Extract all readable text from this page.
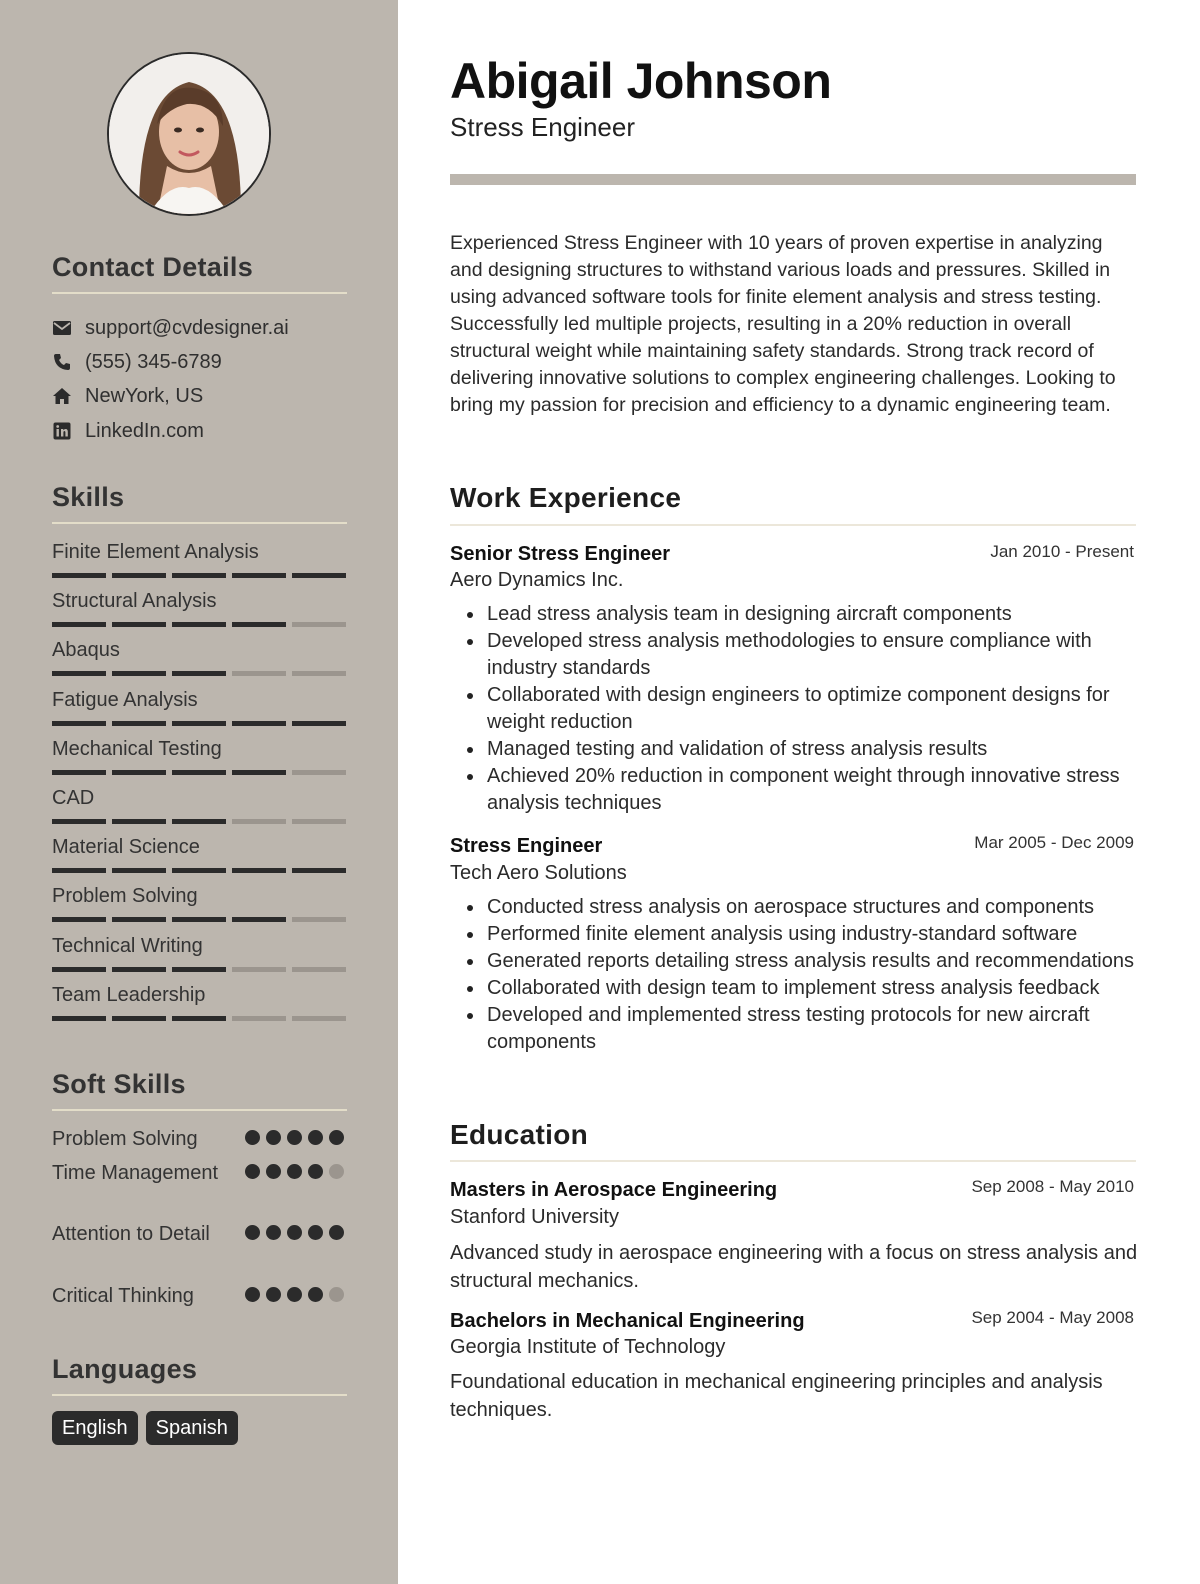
Contact Details
support@cvdesigner.ai
(555) 345-6789
NewYork, US
LinkedIn.com
Skills
Finite Element Analysis
Structural Analysis
Abaqus
Fatigue Analysis
Mechanical Testing
CAD
Material Science
Problem Solving
Technical Writing
Team Leadership
Soft Skills
Problem Solving
Time Management
Attention to Detail
Critical Thinking
Languages
English	Spanish
Abigail Johnson
Stress Engineer
Experienced Stress Engineer with 10 years of proven expertise in analyzing and designing structures to withstand various loads and pressures. Skilled in using advanced software tools for finite element analysis and stress testing. Successfully led multiple projects, resulting in a 20% reduction in overall structural weight while maintaining safety standards. Strong track record of delivering innovative solutions to complex engineering challenges. Looking to bring my passion for precision and efficiency to a dynamic engineering team.
Work Experience
Senior Stress Engineer	Jan 2010 - Present
Aero Dynamics Inc.
Lead stress analysis team in designing aircraft components
Developed stress analysis methodologies to ensure compliance with industry standards
Collaborated with design engineers to optimize component designs for weight reduction
Managed testing and validation of stress analysis results
Achieved 20% reduction in component weight through innovative stress analysis techniques
Stress Engineer	Mar 2005 - Dec 2009
Tech Aero Solutions
Conducted stress analysis on aerospace structures and components
Performed finite element analysis using industry-standard software
Generated reports detailing stress analysis results and recommendations
Collaborated with design team to implement stress analysis feedback
Developed and implemented stress testing protocols for new aircraft components
Education
Masters in Aerospace Engineering	Sep 2008 - May 2010
Stanford University
Advanced study in aerospace engineering with a focus on stress analysis and structural mechanics.
Bachelors in Mechanical Engineering	Sep 2004 - May 2008
Georgia Institute of Technology
Foundational education in mechanical engineering principles and analysis techniques.
